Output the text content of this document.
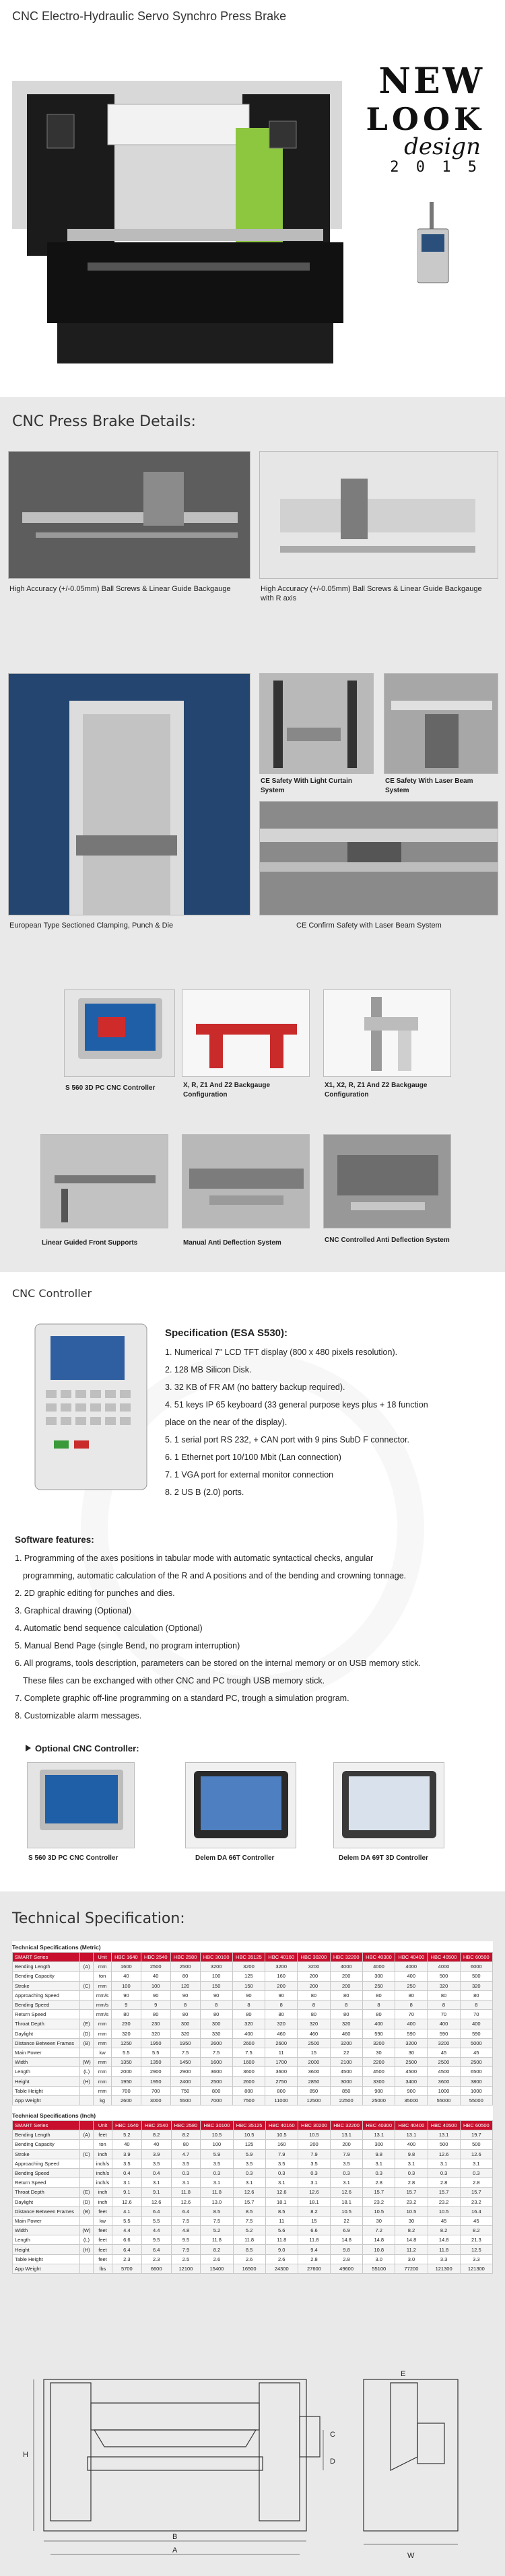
CNC Electro-Hydraulic Servo Synchro Press Brake
NEW
LOOK
design
2 0 1 5
CNC Press Brake Details:
High Accuracy (+/-0.05mm) Ball Screws & Linear Guide Backgauge	High Accuracy (+/-0.05mm) Ball Screws & Linear Guide Backgauge with R axis
European Type Sectioned Clamping, Punch & Die
CE Safety With Light Curtain System
CE Safety With Laser Beam System
CE Confirm Safety with Laser Beam System
S 560 3D PC CNC Controller	X, R, Z1 And Z2 Backgauge Configuration
X1, X2, R, Z1 And Z2 Backgauge Configuration
Linear Guided Front Supports	Manual Anti Deflection System	CNC Controlled Anti Deflection System
CNC Controller
Specification (ESA S530):
1. Numerical 7" LCD TFT display (800 x 480 pixels resolution).
2. 128 MB Silicon Disk.
3. 32 KB of FR AM (no battery backup required).
4. 51 keys IP 65 keyboard (33 general purpose keys plus + 18 function
place on the near of the display).
5. 1 serial port RS 232, + CAN port with 9 pins SubD F connector.
6. 1 Ethernet port 10/100 Mbit (Lan connection)
7. 1 VGA port for external monitor connection
8. 2 US B (2.0) ports.
Software features:
1. Programming of the axes positions in tabular mode with automatic syntactical checks, angular
programming, automatic calculation of the R and A positions and of the bending and crowning tonnage.
2. 2D graphic editing for punches and dies.
3. Graphical drawing (Optional)
4. Automatic bend sequence calculation (Optional)
5. Manual Bend Page (single Bend, no program interruption)
6. All programs, tools description, parameters can be stored on the internal memory or on USB memory stick.
These files can be exchanged with other CNC and PC trough USB memory stick.
7. Complete graphic off-line programming on a standard PC, trough a simulation program.
8. Customizable alarm messages.
Optional CNC Controller:
S 560 3D PC CNC Controller	Delem DA 66T Controller	Delem DA 69T 3D Controller
Technical Specification:
Technical Specifications (Metric)
SMART Series		Unit	HBC 1640	HBC 2540	HBC 2580	HBC 30100	HBC 35125	HBC 40160	HBC 30200	HBC 32200	HBC 40300	HBC 40400	HBC 40500	HBC 60500
Bending Length	(A)	mm	1600	2500	2500	3200	3200	3200	3200	4000	4000	4000	4000	6000
Bending Capacity		ton	40	40	80	100	125	160	200	200	300	400	500	500
Stroke	(C)	mm	100	100	120	150	150	200	200	200	250	250	320	320
Approaching Speed		mm/s	90	90	90	90	90	90	80	80	80	80	80	80
Bending Speed		mm/s	9	9	8	8	8	8	8	8	8	8	8	8
Return Speed		mm/s	80	80	80	80	80	80	80	80	80	70	70	70
Throat Depth	(E)	mm	230	230	300	300	320	320	320	320	400	400	400	400
Daylight	(D)	mm	320	320	320	330	400	460	460	460	590	590	590	590
Distance Between Frames	(B)	mm	1250	1950	1950	2600	2600	2600	2500	3200	3200	3200	3200	5000
Main Power		kw	5.5	5.5	7.5	7.5	7.5	11	15	22	30	30	45	45
Width	(W)	mm	1350	1350	1450	1600	1600	1700	2000	2100	2200	2500	2500	2500
Length	(L)	mm	2000	2900	2900	3600	3600	3600	3600	4500	4500	4500	4500	6500
Height	(H)	mm	1950	1950	2400	2500	2600	2750	2850	3000	3300	3400	3600	3800
Table Height		mm	700	700	750	800	800	800	850	850	900	900	1000	1000
App Weight		kg	2600	3000	5500	7000	7500	11000	12500	22500	25000	35000	55000	55000
Technical Specifications (Inch)
SMART Series		Unit	HBC 1640	HBC 2540	HBC 2580	HBC 30100	HBC 35125	HBC 40160	HBC 30200	HBC 32200	HBC 40300	HBC 40400	HBC 40500	HBC 60500
Bending Length	(A)	feet	5.2	8.2	8.2	10.5	10.5	10.5	10.5	13.1	13.1	13.1	13.1	19.7
Bending Capacity		ton	40	40	80	100	125	160	200	200	300	400	500	500
Stroke	(C)	inch	3.9	3.9	4.7	5.9	5.9	7.9	7.9	7.9	9.8	9.8	12.6	12.6
Approaching Speed		inch/s	3.5	3.5	3.5	3.5	3.5	3.5	3.5	3.5	3.1	3.1	3.1	3.1
Bending Speed		inch/s	0.4	0.4	0.3	0.3	0.3	0.3	0.3	0.3	0.3	0.3	0.3	0.3
Return Speed		inch/s	3.1	3.1	3.1	3.1	3.1	3.1	3.1	3.1	2.8	2.8	2.8	2.8
Throat Depth	(E)	inch	9.1	9.1	11.8	11.8	12.6	12.6	12.6	12.6	15.7	15.7	15.7	15.7
Daylight	(D)	inch	12.6	12.6	12.6	13.0	15.7	18.1	18.1	18.1	23.2	23.2	23.2	23.2
Distance Between Frames	(B)	feet	4.1	6.4	6.4	8.5	8.5	8.5	8.2	10.5	10.5	10.5	10.5	16.4
Main Power		kw	5.5	5.5	7.5	7.5	7.5	11	15	22	30	30	45	45
Width	(W)	feet	4.4	4.4	4.8	5.2	5.2	5.6	6.6	6.9	7.2	8.2	8.2	8.2
Length	(L)	feet	6.6	9.5	9.5	11.8	11.8	11.8	11.8	14.8	14.8	14.8	14.8	21.3
Height	(H)	feet	6.4	6.4	7.9	8.2	8.5	9.0	9.4	9.8	10.8	11.2	11.8	12.5
Table Height		feet	2.3	2.3	2.5	2.6	2.6	2.6	2.8	2.8	3.0	3.0	3.3	3.3
App Weight		lbs	5700	6600	12100	15400	16500	24300	27600	49600	55100	77200	121300	121300
A
B
C
D
E
H
W
